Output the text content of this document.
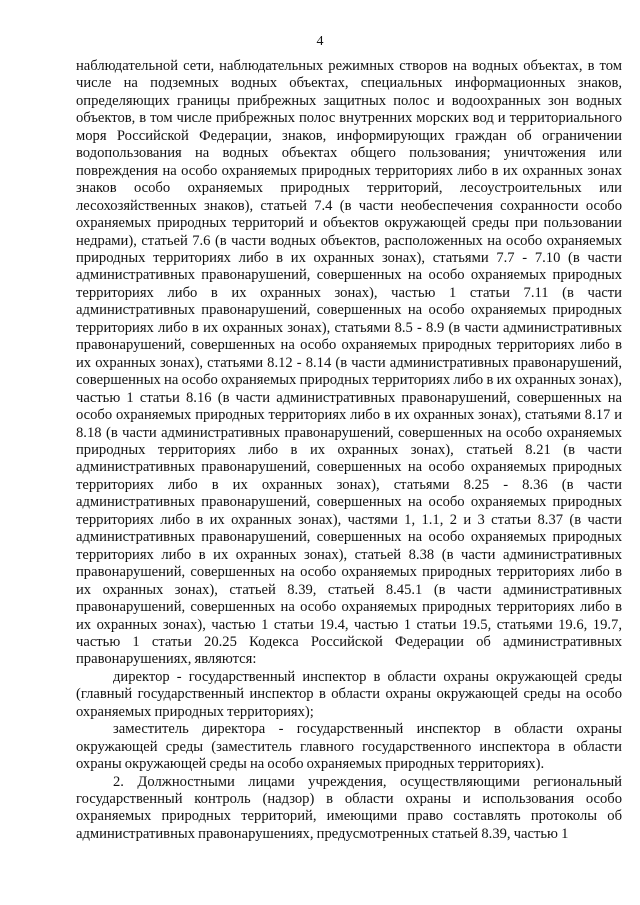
4

наблюдательной сети, наблюдательных режимных створов на водных объектах, в том числе на подземных водных объектах, специальных информационных знаков, определяющих границы прибрежных защитных полос и водоохранных зон водных объектов, в том числе прибрежных полос внутренних морских вод и территориального моря Российской Федерации, знаков, информирующих граждан об ограничении водопользования на водных объектах общего пользования; уничтожения или повреждения на особо охраняемых природных территориях либо в их охранных зонах знаков особо охраняемых природных территорий, лесоустроительных или лесохозяйственных знаков), статьей 7.4 (в части необеспечения сохранности особо охраняемых природных территорий и объектов окружающей среды при пользовании недрами), статьей 7.6 (в части водных объектов, расположенных на особо охраняемых природных территориях либо в их охранных зонах), статьями 7.7 - 7.10 (в части административных правонарушений, совершенных на особо охраняемых природных территориях либо в их охранных зонах), частью 1 статьи 7.11 (в части административных правонарушений, совершенных на особо охраняемых природных территориях либо в их охранных зонах), статьями 8.5 - 8.9 (в части административных правонарушений, совершенных на особо охраняемых природных территориях либо в их охранных зонах), статьями 8.12 - 8.14 (в части административных правонарушений, совершенных на особо охраняемых природных территориях либо в их охранных зонах), частью 1 статьи 8.16 (в части административных правонарушений, совершенных на особо охраняемых природных территориях либо в их охранных зонах), статьями 8.17 и 8.18 (в части административных правонарушений, совершенных на особо охраняемых природных территориях либо в их охранных зонах), статьей 8.21 (в части административных правонарушений, совершенных на особо охраняемых природных территориях либо в их охранных зонах), статьями 8.25 - 8.36 (в части административных правонарушений, совершенных на особо охраняемых природных территориях либо в их охранных зонах), частями 1, 1.1, 2 и 3 статьи 8.37 (в части административных правонарушений, совершенных на особо охраняемых природных территориях либо в их охранных зонах), статьей 8.38 (в части административных правонарушений, совершенных на особо охраняемых природных территориях либо в их охранных зонах), статьей 8.39, статьей 8.45.1 (в части административных правонарушений, совершенных на особо охраняемых природных территориях либо в их охранных зонах), частью 1 статьи 19.4, частью 1 статьи 19.5, статьями 19.6, 19.7, частью 1 статьи 20.25 Кодекса Российской Федерации об административных правонарушениях, являются:

директор - государственный инспектор в области охраны окружающей среды (главный государственный инспектор в области охраны окружающей среды на особо охраняемых природных территориях);

заместитель директора - государственный инспектор в области охраны окружающей среды (заместитель главного государственного инспектора в области охраны окружающей среды на особо охраняемых природных территориях).

2. Должностными лицами учреждения, осуществляющими региональный государственный контроль (надзор) в области охраны и использования особо охраняемых природных территорий, имеющими право составлять протоколы об административных правонарушениях, предусмотренных статьей 8.39, частью 1
